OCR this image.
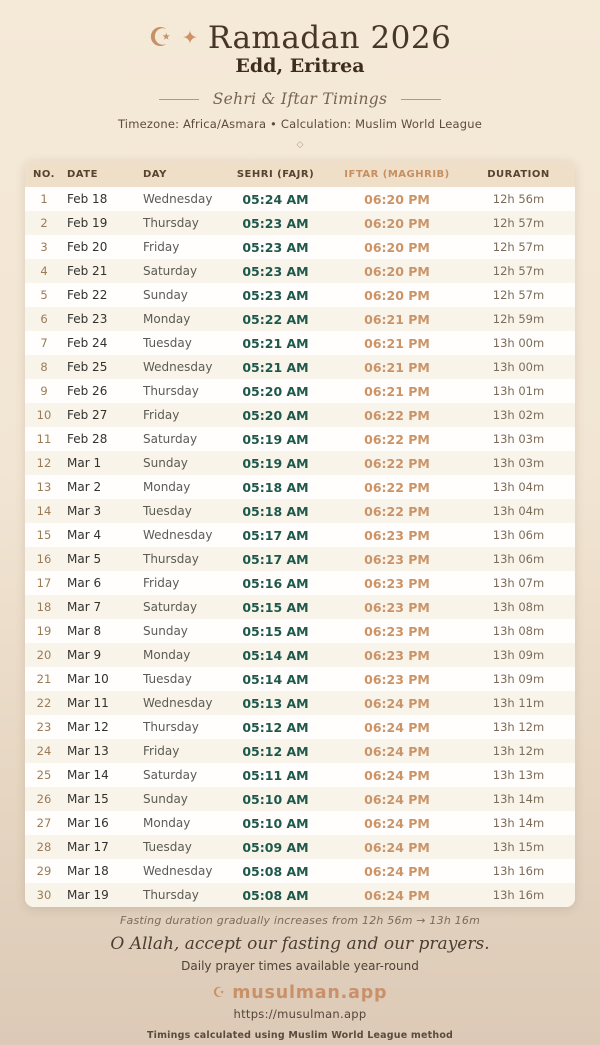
☪ ✦ Ramadan 2026
Edd, Eritrea
Sehri & Iftar Timings
Timezone: Africa/Asmara • Calculation: Muslim World League
◇
NO.	DATE	DAY	SEHRI (FAJR)	IFTAR (MAGHRIB)	DURATION
1	Feb 18	Wednesday	05:24 AM	06:20 PM	12h 56m
2	Feb 19	Thursday	05:23 AM	06:20 PM	12h 57m
3	Feb 20	Friday	05:23 AM	06:20 PM	12h 57m
4	Feb 21	Saturday	05:23 AM	06:20 PM	12h 57m
5	Feb 22	Sunday	05:23 AM	06:20 PM	12h 57m
6	Feb 23	Monday	05:22 AM	06:21 PM	12h 59m
7	Feb 24	Tuesday	05:21 AM	06:21 PM	13h 00m
8	Feb 25	Wednesday	05:21 AM	06:21 PM	13h 00m
9	Feb 26	Thursday	05:20 AM	06:21 PM	13h 01m
10	Feb 27	Friday	05:20 AM	06:22 PM	13h 02m
11	Feb 28	Saturday	05:19 AM	06:22 PM	13h 03m
12	Mar 1	Sunday	05:19 AM	06:22 PM	13h 03m
13	Mar 2	Monday	05:18 AM	06:22 PM	13h 04m
14	Mar 3	Tuesday	05:18 AM	06:22 PM	13h 04m
15	Mar 4	Wednesday	05:17 AM	06:23 PM	13h 06m
16	Mar 5	Thursday	05:17 AM	06:23 PM	13h 06m
17	Mar 6	Friday	05:16 AM	06:23 PM	13h 07m
18	Mar 7	Saturday	05:15 AM	06:23 PM	13h 08m
19	Mar 8	Sunday	05:15 AM	06:23 PM	13h 08m
20	Mar 9	Monday	05:14 AM	06:23 PM	13h 09m
21	Mar 10	Tuesday	05:14 AM	06:23 PM	13h 09m
22	Mar 11	Wednesday	05:13 AM	06:24 PM	13h 11m
23	Mar 12	Thursday	05:12 AM	06:24 PM	13h 12m
24	Mar 13	Friday	05:12 AM	06:24 PM	13h 12m
25	Mar 14	Saturday	05:11 AM	06:24 PM	13h 13m
26	Mar 15	Sunday	05:10 AM	06:24 PM	13h 14m
27	Mar 16	Monday	05:10 AM	06:24 PM	13h 14m
28	Mar 17	Tuesday	05:09 AM	06:24 PM	13h 15m
29	Mar 18	Wednesday	05:08 AM	06:24 PM	13h 16m
30	Mar 19	Thursday	05:08 AM	06:24 PM	13h 16m
Fasting duration gradually increases from 12h 56m → 13h 16m
O Allah, accept our fasting and our prayers.
Daily prayer times available year-round
☪ musulman.app
https://musulman.app
Timings calculated using Muslim World League method
